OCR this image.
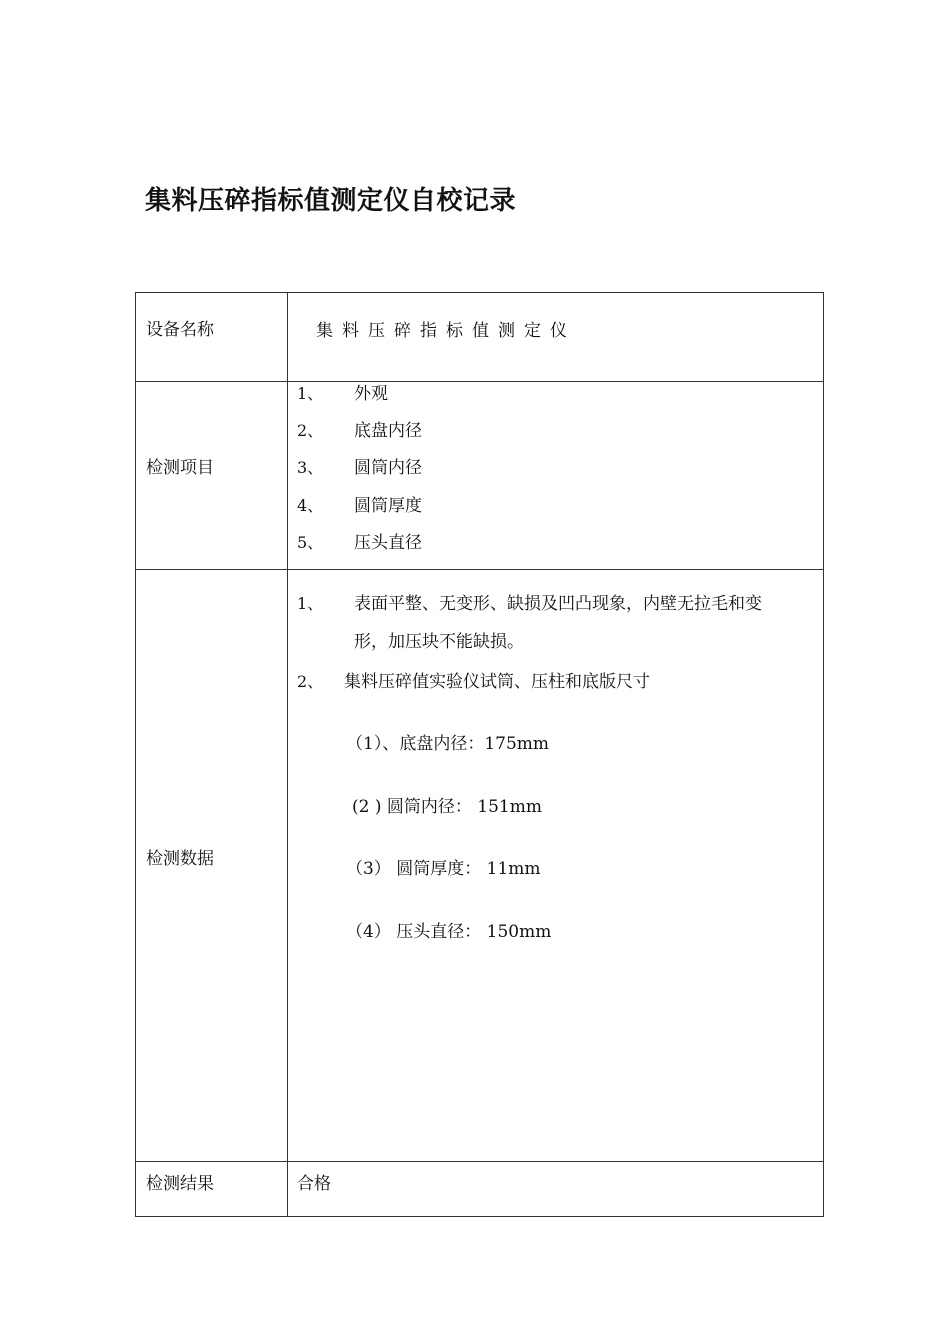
集料压碎指标值测定仪自校记录
设备名称	集料压碎指标值测定仪
检测项目
1、 外观
2、 底盘内径
3、 圆筒内径
4、 圆筒厚度
5、 压头直径
检测数据
1、 表面平整、无变形、缺损及凹凸现象，内壁无拉毛和变
形，加压块不能缺损。
2、 集料压碎值实验仪试筒、压柱和底版尺寸
（1）、底盘内径：175mm
(2 ) 圆筒内径： 151mm
（3） 圆筒厚度： 11mm
（4） 压头直径： 150mm
检测结果	合格
